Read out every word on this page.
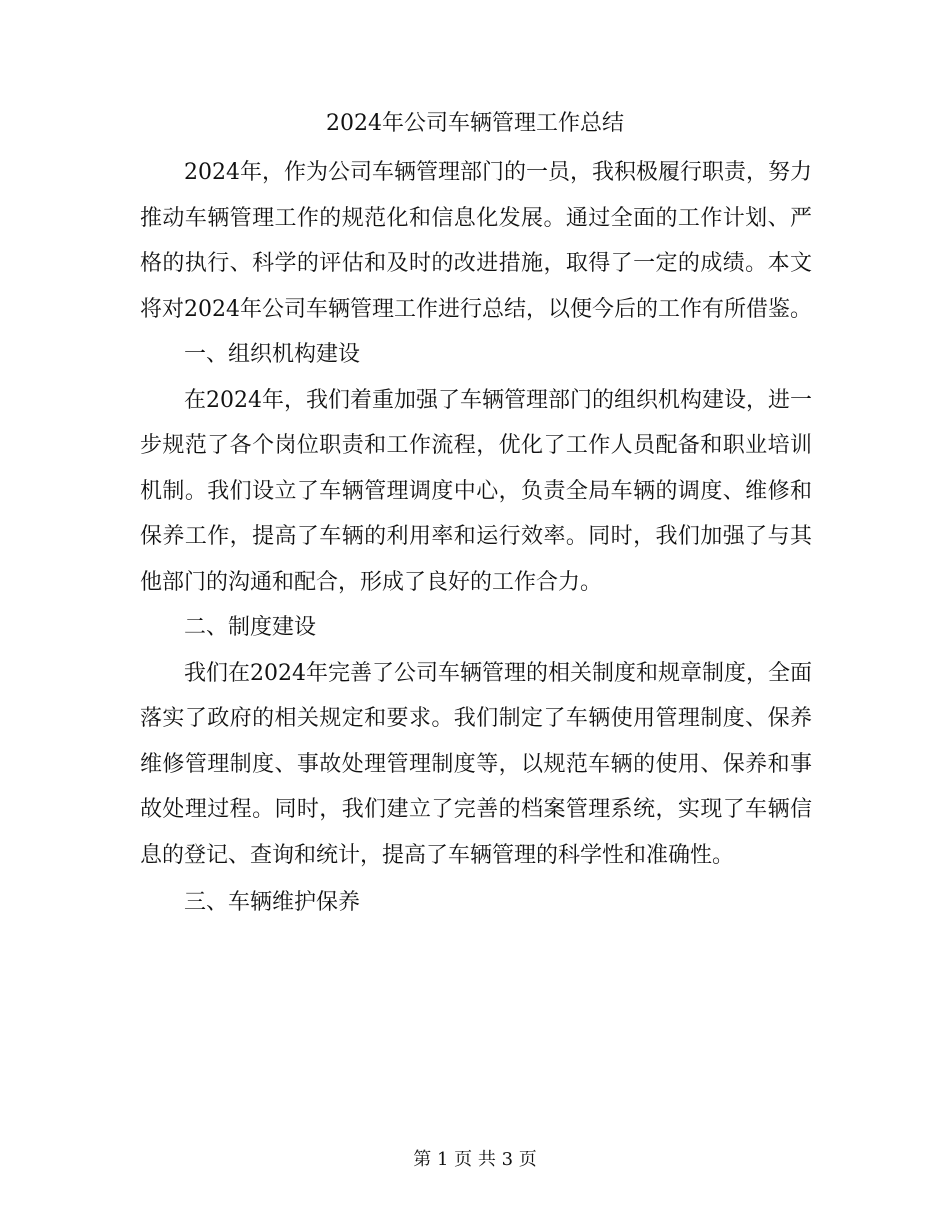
2024年公司车辆管理工作总结

2024年，作为公司车辆管理部门的一员，我积极履行职责，努力推动车辆管理工作的规范化和信息化发展。通过全面的工作计划、严格的执行、科学的评估和及时的改进措施，取得了一定的成绩。本文将对2024年公司车辆管理工作进行总结，以便今后的工作有所借鉴。

一、组织机构建设

在2024年，我们着重加强了车辆管理部门的组织机构建设，进一步规范了各个岗位职责和工作流程，优化了工作人员配备和职业培训机制。我们设立了车辆管理调度中心，负责全局车辆的调度、维修和保养工作，提高了车辆的利用率和运行效率。同时，我们加强了与其他部门的沟通和配合，形成了良好的工作合力。

二、制度建设

我们在2024年完善了公司车辆管理的相关制度和规章制度，全面落实了政府的相关规定和要求。我们制定了车辆使用管理制度、保养维修管理制度、事故处理管理制度等，以规范车辆的使用、保养和事故处理过程。同时，我们建立了完善的档案管理系统，实现了车辆信息的登记、查询和统计，提高了车辆管理的科学性和准确性。

三、车辆维护保养

第 1 页 共 3 页
